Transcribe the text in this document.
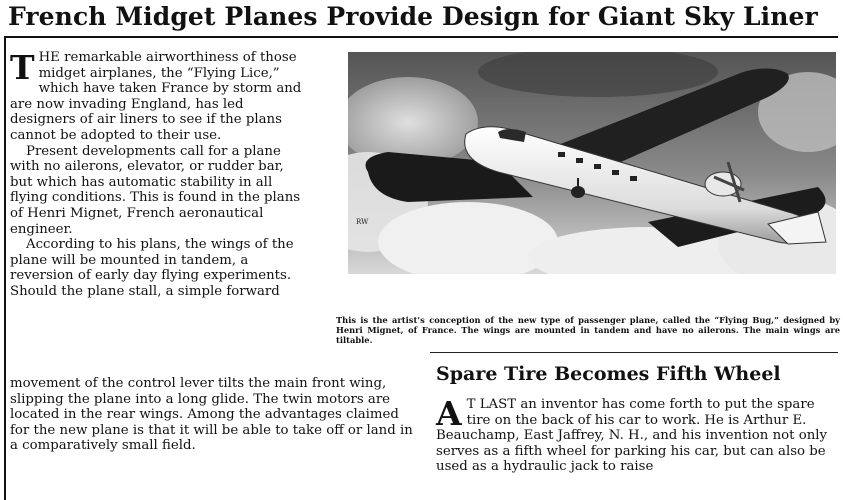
French Midget Planes Provide Design for Giant Sky Liner

THE remarkable airworthiness of those midget airplanes, the “Flying Lice,” which have taken France by storm and are now invading England, has led designers of air liners to see if the plans cannot be adopted to their use.

Present developments call for a plane with no ailerons, elevator, or rudder bar, but which has automatic stability in all flying conditions. This is found in the plans of Henri Mignet, French aeronautical engineer.

According to his plans, the wings of the plane will be mounted in tandem, a reversion of early day flying experiments. Should the plane stall, a simple forward

movement of the control lever tilts the main front wing, slipping the plane into a long glide. The twin motors are located in the rear wings. Among the advantages claimed for the new plane is that it will be able to take off or land in a comparatively small field.

RW
This is the artist’s conception of the new type of passenger plane, called the “Flying Bug,” designed by Henri Mignet, of France. The wings are mounted in tandem and have no ailerons. The main wings are tiltable.
Spare Tire Becomes Fifth Wheel

A T LAST an inventor has come forth to put the spare tire on the back of his car to work. He is Arthur E. Beauchamp, East Jaffrey, N. H., and his invention not only serves as a fifth wheel for parking his car, but can also be used as a hydraulic jack to raise
